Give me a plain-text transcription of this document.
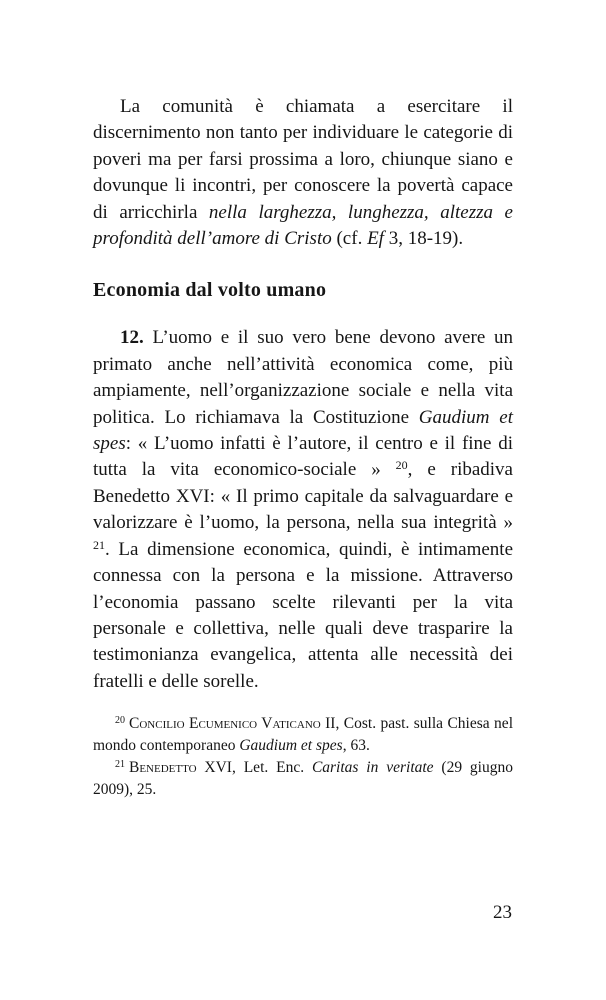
La comunità è chiamata a esercitare il discernimento non tanto per individuare le categorie di poveri ma per farsi prossima a loro, chiunque siano e dovunque li incontri, per conoscere la povertà capace di arricchirla nella larghezza, lunghezza, altezza e profondità dell’amore di Cristo (cf. Ef 3, 18-19).

Economia dal volto umano

12. L’uomo e il suo vero bene devono avere un primato anche nell’attività economica come, più ampiamente, nell’organizzazione sociale e nella vita politica. Lo richiamava la Costituzione Gaudium et spes: « L’uomo infatti è l’autore, il centro e il fine di tutta la vita economico-sociale » $^{20}$, e ribadiva Benedetto XVI: « Il primo capitale da salvaguardare e valorizzare è l’uomo, la persona, nella sua integrità » $^{21}$. La dimensione economica, quindi, è intimamente connessa con la persona e la missione. Attraverso l’economia passano scelte rilevanti per la vita personale e collettiva, nelle quali deve trasparire la testimonianza evangelica, attenta alle necessità dei fratelli e delle sorelle.

$^{20}$ Concilio Ecumenico Vaticano II, Cost. past. sulla Chiesa nel mondo contemporaneo Gaudium et spes, 63.

$^{21}$ Benedetto XVI, Let. Enc. Caritas in veritate (29 giugno 2009), 25.

23
